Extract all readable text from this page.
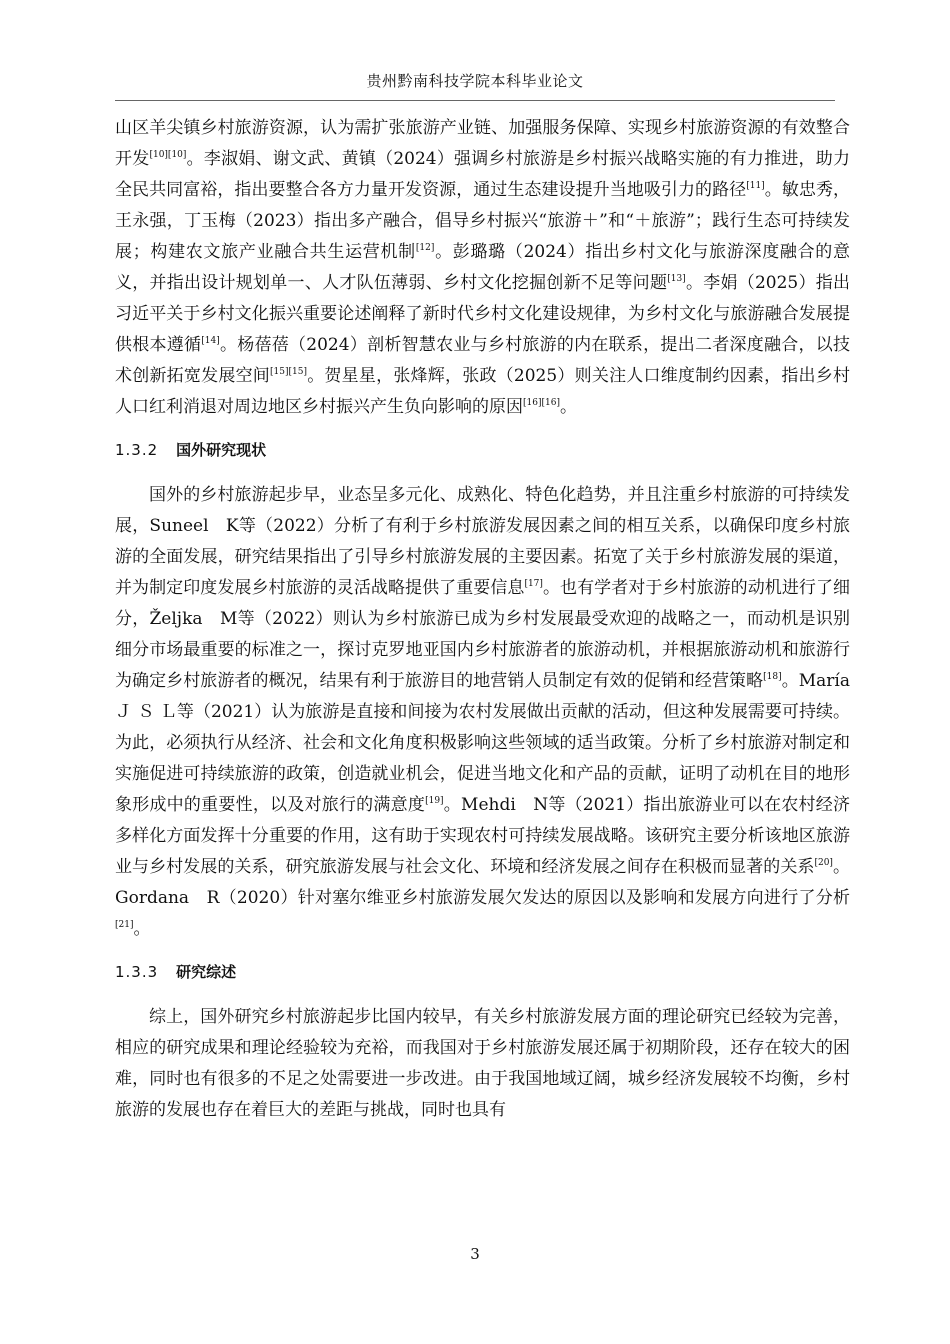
贵州黔南科技学院本科毕业论文

山区羊尖镇乡村旅游资源，认为需扩张旅游产业链、加强服务保障、实现乡村旅游资源的有效整合开发[10][10]。李淑娟、谢文武、黄镇（2024）强调乡村旅游是乡村振兴战略实施的有力推进，助力全民共同富裕，指出要整合各方力量开发资源，通过生态建设提升当地吸引力的路径[11]。敏忠秀，王永强，丁玉梅（2023）指出多产融合，倡导乡村振兴“旅游＋”和“＋旅游”；践行生态可持续发展；构建农文旅产业融合共生运营机制[12]。彭璐璐（2024）指出乡村文化与旅游深度融合的意义，并指出设计规划单一、人才队伍薄弱、乡村文化挖掘创新不足等问题[13]。李娟（2025）指出习近平关于乡村文化振兴重要论述阐释了新时代乡村文化建设规律，为乡村文化与旅游融合发展提供根本遵循[14]。杨蓓蓓（2024）剖析智慧农业与乡村旅游的内在联系，提出二者深度融合，以技术创新拓宽发展空间[15][15]。贺星星，张烽辉，张政（2025）则关注人口维度制约因素，指出乡村人口红利消退对周边地区乡村振兴产生负向影响的原因[16][16]。

1.3.2 国外研究现状

国外的乡村旅游起步早，业态呈多元化、成熟化、特色化趋势，并且注重乡村旅游的可持续发展，Suneel　K等（2022）分析了有利于乡村旅游发展因素之间的相互关系，以确保印度乡村旅游的全面发展，研究结果指出了引导乡村旅游发展的主要因素。拓宽了关于乡村旅游发展的渠道，并为制定印度发展乡村旅游的灵活战略提供了重要信息[17]。也有学者对于乡村旅游的动机进行了细分，Željka　M等（2022）则认为乡村旅游已成为乡村发展最受欢迎的战略之一，而动机是识别细分市场最重要的标准之一，探讨克罗地亚国内乡村旅游者的旅游动机，并根据旅游动机和旅游行为确定乡村旅游者的概况，结果有利于旅游目的地营销人员制定有效的促销和经营策略[18]。María Ｊ Ｓ Ｌ等（2021）认为旅游是直接和间接为农村发展做出贡献的活动，但这种发展需要可持续。为此，必须执行从经济、社会和文化角度积极影响这些领域的适当政策。分析了乡村旅游对制定和实施促进可持续旅游的政策，创造就业机会，促进当地文化和产品的贡献，证明了动机在目的地形象形成中的重要性，以及对旅行的满意度[19]。Mehdi　N等（2021）指出旅游业可以在农村经济多样化方面发挥十分重要的作用，这有助于实现农村可持续发展战略。该研究主要分析该地区旅游业与乡村发展的关系，研究旅游发展与社会文化、环境和经济发展之间存在积极而显著的关系[20]。Gordana　R（2020）针对塞尔维亚乡村旅游发展欠发达的原因以及影响和发展方向进行了分析[21]。

1.3.3 研究综述

综上，国外研究乡村旅游起步比国内较早，有关乡村旅游发展方面的理论研究已经较为完善，相应的研究成果和理论经验较为充裕，而我国对于乡村旅游发展还属于初期阶段，还存在较大的困难，同时也有很多的不足之处需要进一步改进。由于我国地域辽阔，城乡经济发展较不均衡，乡村旅游的发展也存在着巨大的差距与挑战，同时也具有

3
